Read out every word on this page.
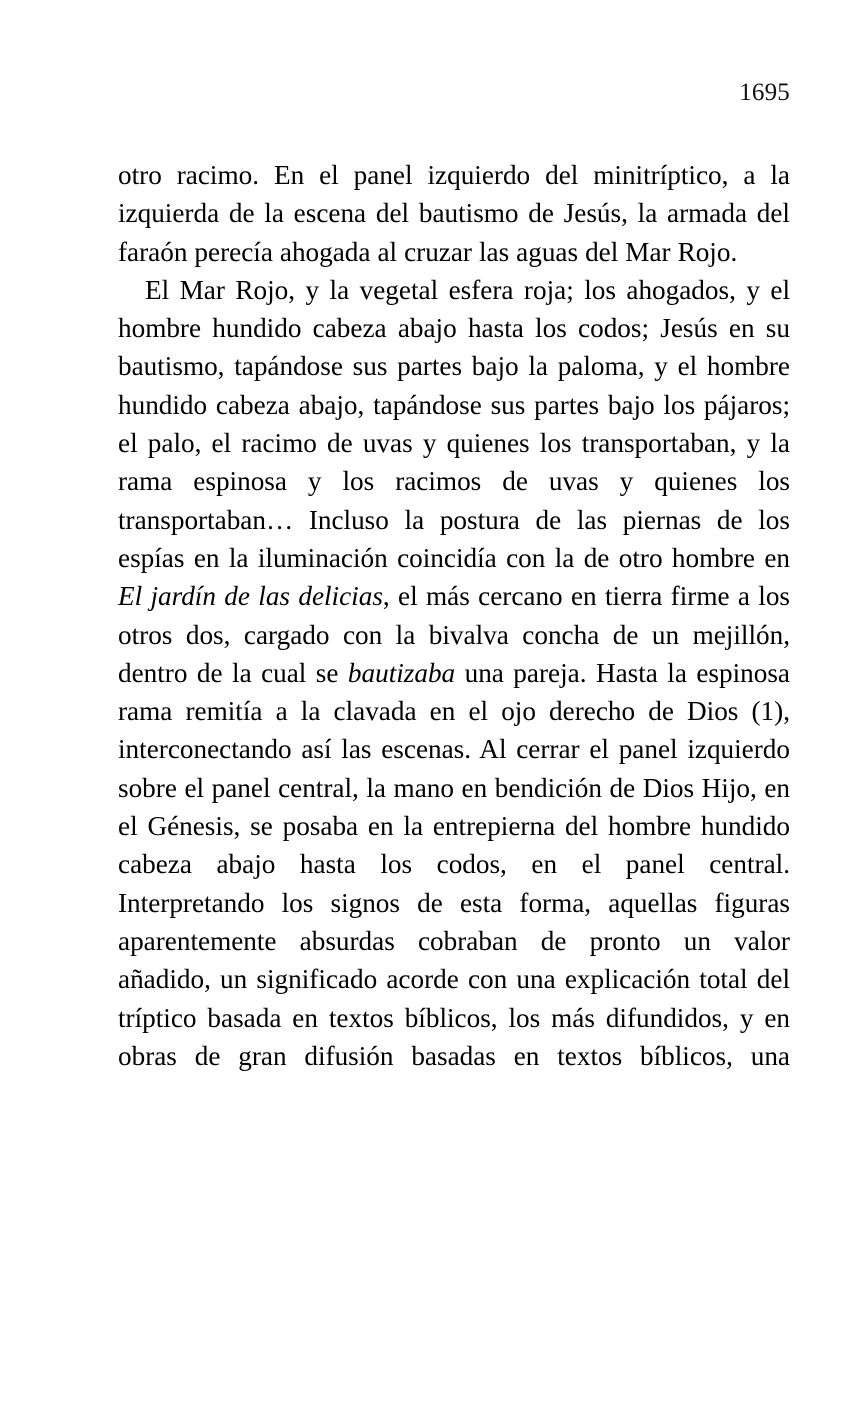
1695

otro racimo. En el panel izquierdo del minitríptico, a la izquierda de la escena del bautismo de Jesús, la armada del faraón perecía ahogada al cruzar las aguas del Mar Rojo.

El Mar Rojo, y la vegetal esfera roja; los ahogados, y el hombre hundido cabeza abajo hasta los codos; Jesús en su bautismo, tapándose sus partes bajo la paloma, y el hombre hundido cabeza abajo, tapándose sus partes bajo los pájaros; el palo, el racimo de uvas y quienes los transportaban, y la rama espinosa y los racimos de uvas y quienes los transportaban… Incluso la postura de las piernas de los espías en la iluminación coincidía con la de otro hombre en El jardín de las delicias, el más cercano en tierra firme a los otros dos, cargado con la bivalva concha de un mejillón, dentro de la cual se bautizaba una pareja. Hasta la espinosa rama remitía a la clavada en el ojo derecho de Dios (1), interconectando así las escenas. Al cerrar el panel izquierdo sobre el panel central, la mano en bendición de Dios Hijo, en el Génesis, se posaba en la entrepierna del hombre hundido cabeza abajo hasta los codos, en el panel central. Interpretando los signos de esta forma, aquellas figuras aparentemente absurdas cobraban de pronto un valor añadido, un significado acorde con una explicación total del tríptico basada en textos bíblicos, los más difundidos, y en obras de gran difusión basadas en textos bíblicos, una
